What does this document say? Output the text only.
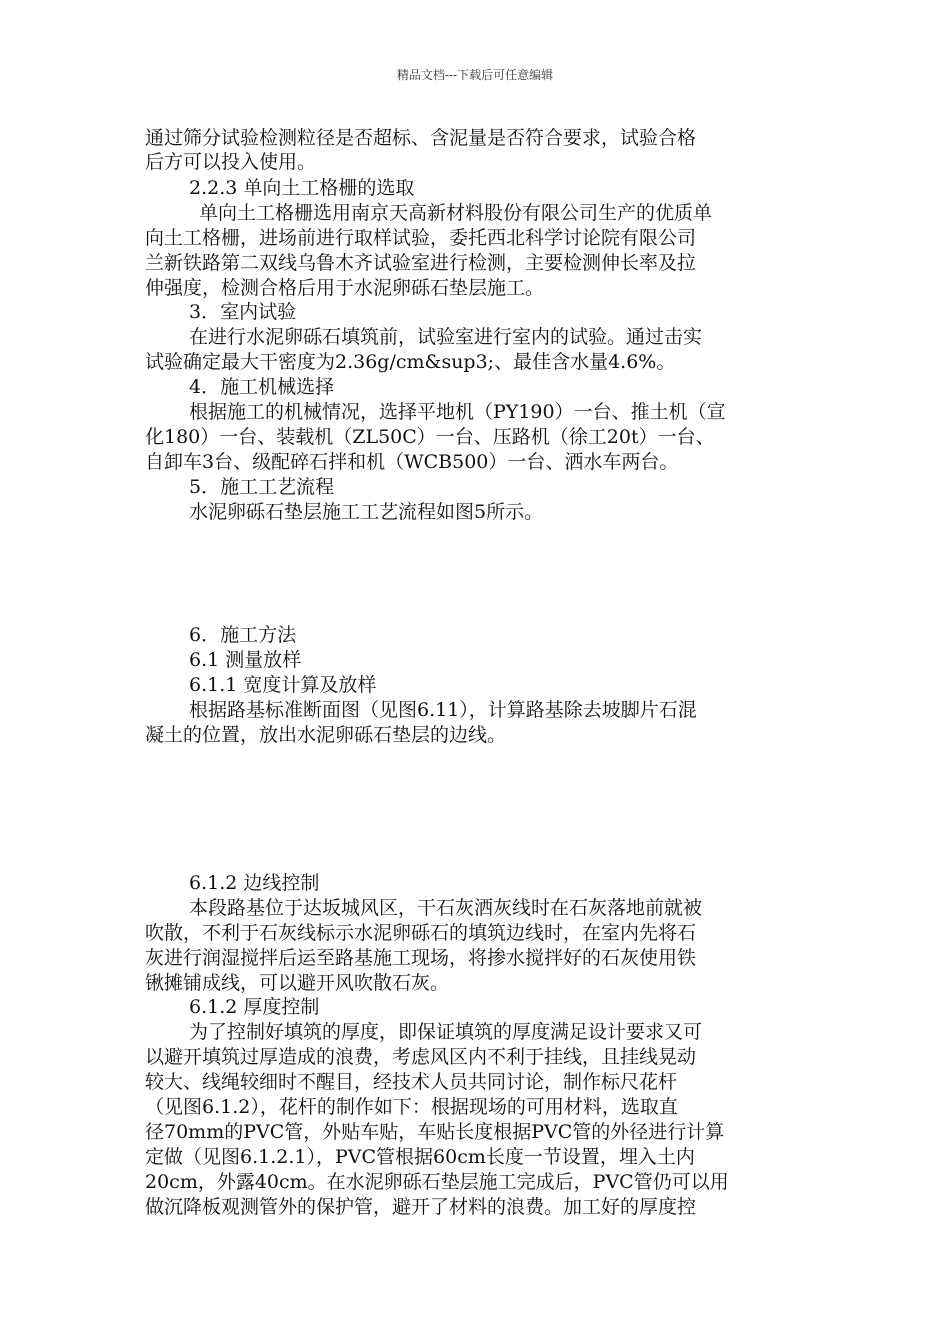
精品文档---下载后可任意编辑
通过筛分试验检测粒径是否超标、含泥量是否符合要求，试验合格
后方可以投入使用。
2.2.3 单向土工格栅的选取
单向土工格栅选用南京天高新材料股份有限公司生产的优质单
向土工格栅，进场前进行取样试验，委托西北科学讨论院有限公司
兰新铁路第二双线乌鲁木齐试验室进行检测，主要检测伸长率及拉
伸强度，检测合格后用于水泥卵砾石垫层施工。
3．室内试验
在进行水泥卵砾石填筑前，试验室进行室内的试验。通过击实
试验确定最大干密度为2.36g/cm&sup3;、最佳含水量4.6%。
4．施工机械选择
根据施工的机械情况，选择平地机（PY190）一台、推土机（宣
化180）一台、装载机（ZL50C）一台、压路机（徐工20t）一台、
自卸车3台、级配碎石拌和机（WCB500）一台、洒水车两台。
5．施工工艺流程
水泥卵砾石垫层施工工艺流程如图5所示。
6．施工方法
6.1 测量放样
6.1.1 宽度计算及放样
根据路基标准断面图（见图6.11），计算路基除去坡脚片石混
凝土的位置，放出水泥卵砾石垫层的边线。
6.1.2 边线控制
本段路基位于达坂城风区，干石灰洒灰线时在石灰落地前就被
吹散，不利于石灰线标示水泥卵砾石的填筑边线时，在室内先将石
灰进行润湿搅拌后运至路基施工现场，将掺水搅拌好的石灰使用铁
锹摊铺成线，可以避开风吹散石灰。
6.1.2 厚度控制
为了控制好填筑的厚度，即保证填筑的厚度满足设计要求又可
以避开填筑过厚造成的浪费，考虑风区内不利于挂线，且挂线晃动
较大、线绳较细时不醒目，经技术人员共同讨论，制作标尺花杆
（见图6.1.2），花杆的制作如下：根据现场的可用材料，选取直
径70mm的PVC管，外贴车贴，车贴长度根据PVC管的外径进行计算
定做（见图6.1.2.1），PVC管根据60cm长度一节设置，埋入土内
20cm，外露40cm。在水泥卵砾石垫层施工完成后，PVC管仍可以用
做沉降板观测管外的保护管，避开了材料的浪费。加工好的厚度控
